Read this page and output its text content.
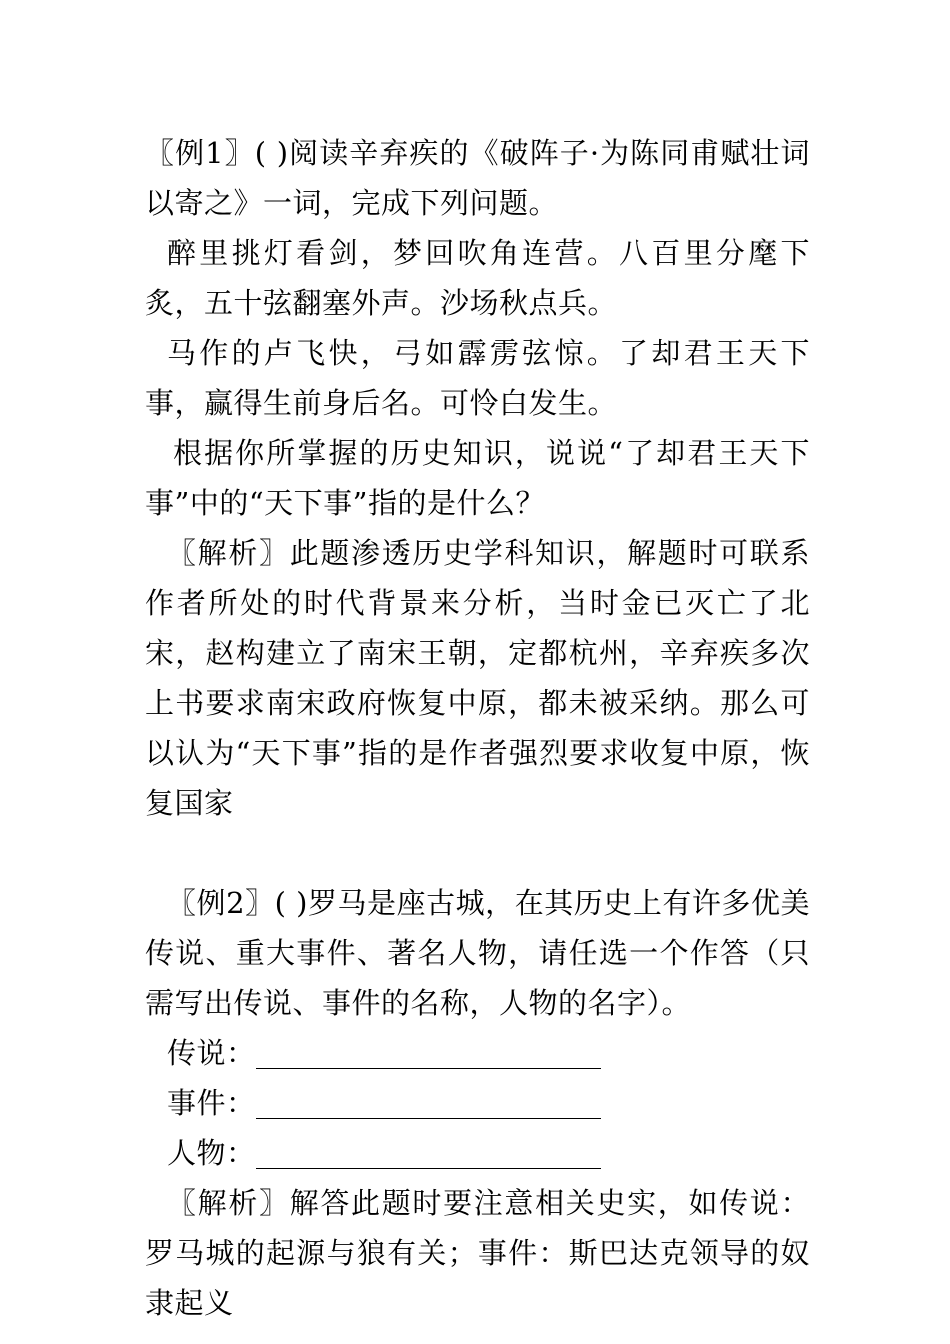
〖例1〗( )阅读辛弃疾的《破阵子·为陈同甫赋壮词以寄之》一词，完成下列问题。

醉里挑灯看剑，梦回吹角连营。八百里分麾下炙，五十弦翻塞外声。沙场秋点兵。

马作的卢飞快，弓如霹雳弦惊。了却君王天下事，赢得生前身后名。可怜白发生。

根据你所掌握的历史知识，说说“了却君王天下事”中的“天下事”指的是什么？

〖解析〗此题渗透历史学科知识，解题时可联系作者所处的时代背景来分析，当时金已灭亡了北宋，赵构建立了南宋王朝，定都杭州，辛弃疾多次上书要求南宋政府恢复中原，都未被采纳。那么可以认为“天下事”指的是作者强烈要求收复中原，恢复国家

〖例2〗( )罗马是座古城，在其历史上有许多优美传说、重大事件、著名人物，请任选一个作答（只需写出传说、事件的名称，人物的名字）。

传说：

事件：

人物：

〖解析〗解答此题时要注意相关史实，如传说：罗马城的起源与狼有关；事件：斯巴达克领导的奴隶起义
